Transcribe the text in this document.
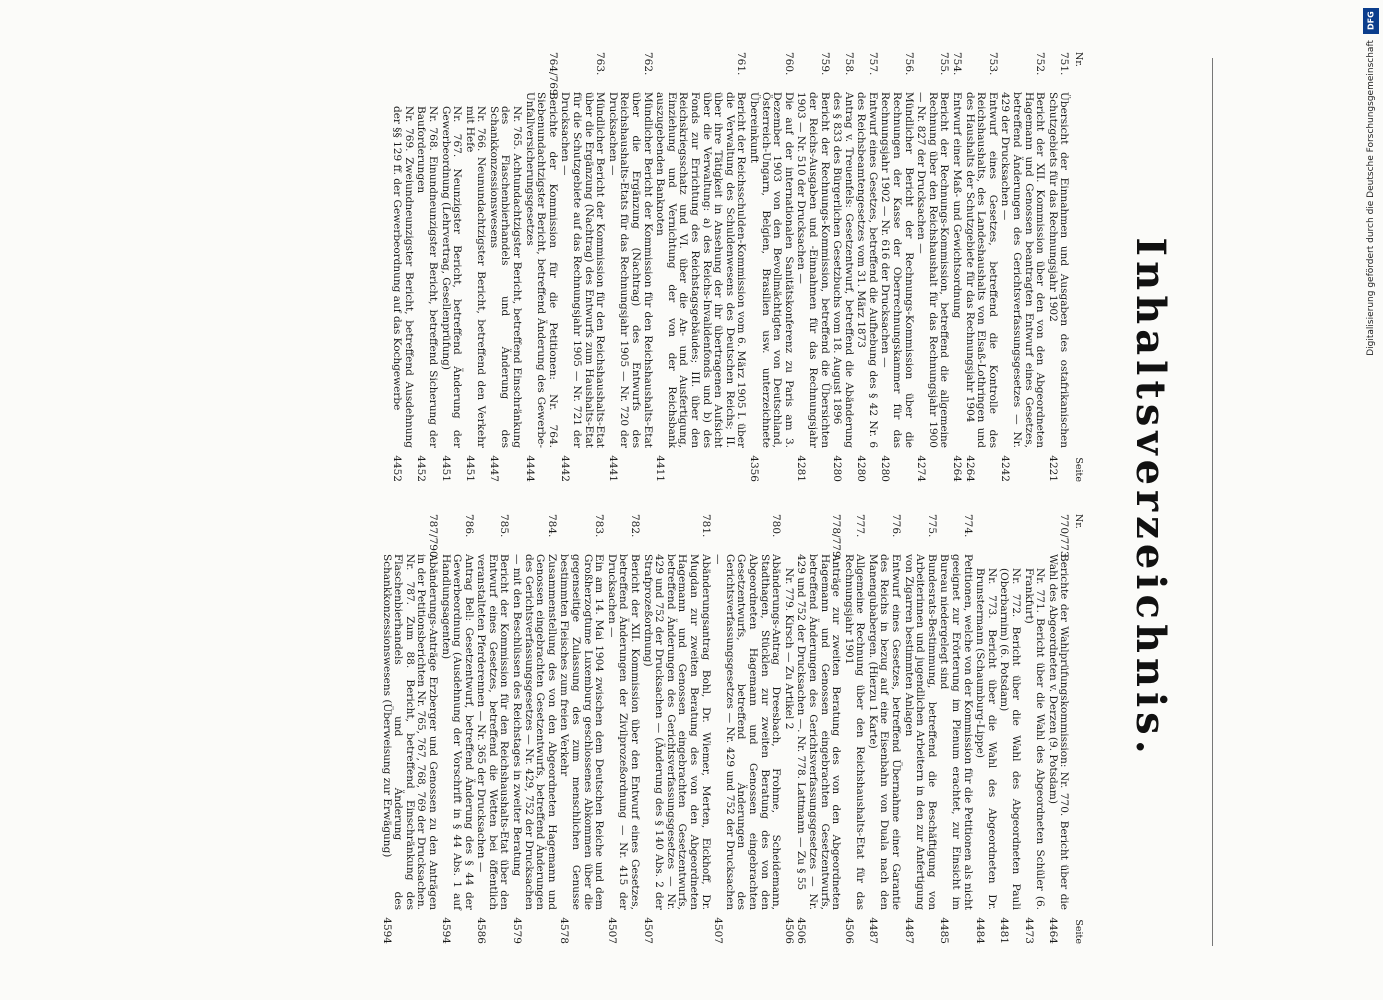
Inhaltsverzeichnis.
Nr.
Seite
751.
Übersicht der Einnahmen und Ausgaben des ostafrikanischen Schutzgebiets für das Rechnungsjahr 1902
4221
752.
Bericht der XII. Kommission über den von den Abgeordneten Hagemann und Genossen beantragten Entwurf eines Gesetzes, betreffend Änderungen des Gerichtsverfassungsgesetzes — Nr. 429 der Drucksachen —
4242
753.
Entwurf eines Gesetzes, betreffend die Kontrolle des Reichshaushalts, des Landeshaushalts von Elsaß-Lothringen und des Haushalts der Schutzgebiete für das Rechnungsjahr 1904
4264
754.
Entwurf einer Maß- und Gewichtsordnung
4264
755.
Bericht der Rechnungs-Kommission, betreffend die allgemeine Rechnung über den Reichshaushalt für das Rechnungsjahr 1900 — Nr. 827 der Drucksachen —
4274
756.
Mündlicher Bericht der Rechnungs-Kommission über die Rechnungen der Kasse der Oberrechnungskammer für das Rechnungsjahr 1902 — Nr. 616 der Drucksachen —
4280
757.
Entwurf eines Gesetzes, betreffend die Aufhebung des § 42 Nr. 6 des Reichsbeamtengesetzes vom 31. März 1873
4280
758.
Antrag v. Treuenfels: Gesetzentwurf, betreffend die Abänderung des § 833 des Bürgerlichen Gesetzbuchs vom 18. August 1896
4280
759.
Bericht der Rechnungs-Kommission, betreffend die Übersichten der Reichs-Ausgaben und -Einnahmen für das Rechnungsjahr 1903 — Nr. 510 der Drucksachen —
4281
760.
Die auf der internationalen Sanitätskonferenz zu Paris am 3. Dezember 1903 von den Bevollmächtigten von Deutschland, Österreich-Ungarn, Belgien, Brasilien usw. unterzeichnete Übereinkunft
4356
761.
Bericht der Reichsschulden-Kommission vom 6. März 1905 I. über die Verwaltung des Schuldenwesens des Deutschen Reichs; II. über ihre Tätigkeit in Ansehung der ihr übertragenen Aufsicht über die Verwaltung: a) des Reichs-Invalidenfonds und b) des Fonds zur Errichtung des Reichstagsgebäudes; III. über den Reichskriegsschatz und VI. über die An- und Ausfertigung, Einziehung und Vernichtung der von der Reichsbank auszugebenden Banknoten
4411
762.
Mündlicher Bericht der Kommission für den Reichshaushalts-Etat über die Ergänzung (Nachtrag) des Entwurfs des Reichshaushalts-Etats für das Rechnungsjahr 1905 — Nr. 720 der Drucksachen —
4441
763.
Mündlicher Bericht der Kommission für den Reichshaushalts-Etat über die Ergänzung (Nachtrag) des Entwurfs zum Haushalts-Etat für die Schutzgebiete auf das Rechnungsjahr 1905 — Nr. 721 der Drucksachen —
4442
764/769.
Berichte der Kommission für die Petitionen: Nr. 764. Siebenundachtzigster Bericht, betreffend Änderung des Gewerbe-Unfallversicherungsgesetzes
4444
Nr. 765. Achtundachtzigster Bericht, betreffend Einschränkung des Flaschenbierhandels und Änderung des Schankkonzessionswesens
4447
Nr. 766. Neunundachtzigster Bericht, betreffend den Verkehr mit Hefe
4451
Nr. 767. Neunzigster Bericht, betreffend Änderung der Gewerbeordnung (Lehrvertrag, Gesellenprüfung)
4451
Nr. 768. Einundneunzigster Bericht, betreffend Sicherung der Bauforderungen
4452
Nr. 769. Zweiundneunzigster Bericht, betreffend Ausdehnung der §§ 129 ff. der Gewerbeordnung auf das Kochgewerbe
4452
Nr.
Seite
770/773.
Berichte der Wahlprüfungskommission: Nr. 770. Bericht über die Wahl des Abgeordneten v. Derzen (9. Potsdam)
4464
Nr. 771. Bericht über die Wahl des Abgeordneten Schüler (6. Frankfurt)
4473
Nr. 772. Bericht über die Wahl des Abgeordneten Pauli (Oberbarnim) (6. Potsdam)
4481
Nr. 773. Bericht über die Wahl des Abgeordneten Dr. Brunstermann (Schaumburg-Lippe)
4484
774.
Petitionen, welche von der Kommission für die Petitionen als nicht geeignet zur Erörterung im Plenum erachtet, zur Einsicht im Bureau niedergelegt sind
4485
775.
Bundesrats-Bestimmung, betreffend die Beschäftigung von Arbeiterinnen und jugendlichen Arbeitern in den zur Anfertigung von Zigarren bestimmten Anlagen
4487
776.
Entwurf eines Gesetzes, betreffend Übernahme einer Garantie des Reichs in bezug auf eine Eisenbahn von Duala nach den Manengubabergen. (Hierzu 1 Karte)
4487
777.
Allgemeine Rechnung über den Reichshaushalts-Etat für das Rechnungsjahr 1901
4506
778/779.
Anträge zur zweiten Beratung des von den Abgeordneten Hagemann und Genossen eingebrachten Gesetzentwurfs, betreffend Änderungen des Gerichtsverfassungsgesetzes — Nr. 429 und 752 der Drucksachen —. Nr. 778. Lattmann — Zu § 55
4506
Nr. 779. Kirsch — Zu Artikel 2
4506
780.
Abänderungs-Antrag Dreesbach, Frohme, Scheidemann, Stadthagen, Stücklen zur zweiten Beratung des von den Abgeordneten Hagemann und Genossen eingebrachten Gesetzentwurfs, betreffend Änderungen des Gerichtsverfassungsgesetzes — Nr. 429 und 752 der Drucksachen —
4507
781.
Abänderungsantrag Bohl, Dr. Wiemer, Merten, Eickhoff, Dr. Mugdan zur zweiten Beratung des von den Abgeordneten Hagemann und Genossen eingebrachten Gesetzentwurfs, betreffend Änderungen des Gerichtsverfassungsgesetzes — Nr. 429 und 752 der Drucksachen — (Änderung des § 140 Abs. 2 der Strafprozeßordnung)
4507
782.
Bericht der XII. Kommission über den Entwurf eines Gesetzes, betreffend Änderungen der Zivilprozeßordnung — Nr. 415 der Drucksachen —
4507
783.
Ein am 14. Mai 1904 zwischen dem Deutschen Reiche und dem Großherzogtume Luxemburg geschlossenes Abkommen über die gegenseitige Zulassung des zum menschlichen Genusse bestimmten Fleisches zum freien Verkehr
4578
784.
Zusammenstellung des von den Abgeordneten Hagemann und Genossen eingebrachten Gesetzentwurfs, betreffend Änderungen des Gerichtsverfassungsgesetzes — Nr. 429, 752 der Drucksachen — mit den Beschlüssen des Reichstages in zweiter Beratung
4579
785.
Bericht der Kommission für den Reichshaushalts-Etat über den Entwurf eines Gesetzes, betreffend die Wetten bei öffentlich veranstalteten Pferderennen — Nr. 365 der Drucksachen —
4586
786.
Antrag Bell: Gesetzentwurf, betreffend Änderung des § 44 der Gewerbeordnung (Ausdehnung der Vorschrift in § 44 Abs. 1 auf Handlungsagenten)
4594
787/790.
Abänderungs-Anträge Erzberger und Genossen zu den Anträgen in der Petitionsberichten Nr. 765, 767, 768, 769 der Drucksachen. Nr. 787. Zum 88. Bericht, betreffend Einschränkung des Flaschenbierhandels und Änderung des Schankkonzessionswesens (Überweisung zur Erwägung)
4594
DFG
Digitalisierung gefördert durch die Deutsche Forschungsgemeinschaft
